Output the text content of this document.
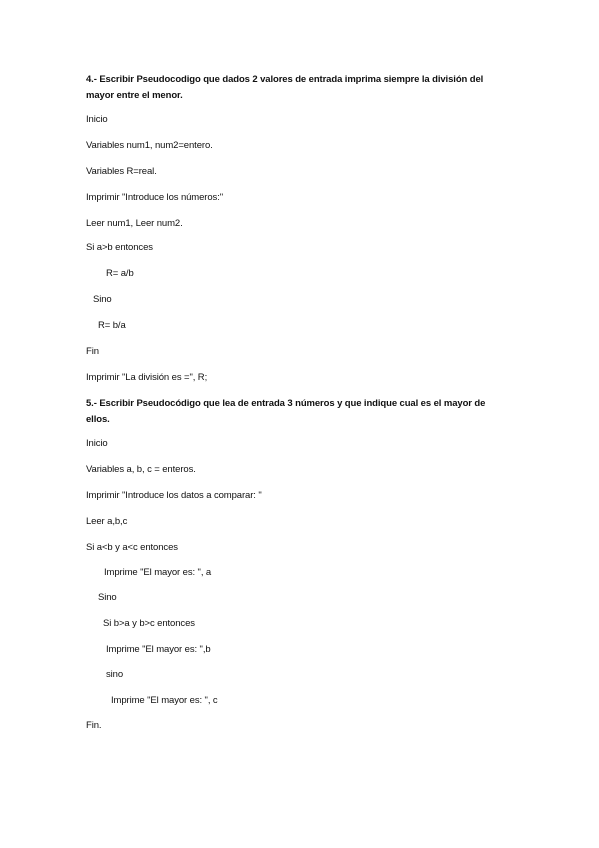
4.- Escribir Pseudocodigo que dados 2 valores de entrada imprima siempre la división del mayor entre el menor.
Inicio
Variables num1, num2=entero.
Variables R=real.
Imprimir "Introduce los números:"
Leer num1, Leer num2.
Si a>b entonces
R= a/b
Sino
R= b/a
Fin
Imprimir "La división es =", R;
5.- Escribir Pseudocódigo que lea de entrada 3 números y que indique cual es el mayor de ellos.
Inicio
Variables a, b, c = enteros.
Imprimir "Introduce los datos a comparar: "
Leer a,b,c
Si a<b y a<c entonces
Imprime "El mayor es: ", a
Sino
Si b>a y b>c entonces
Imprime "El mayor es: ",b
sino
Imprime "El mayor es: ", c
Fin.
